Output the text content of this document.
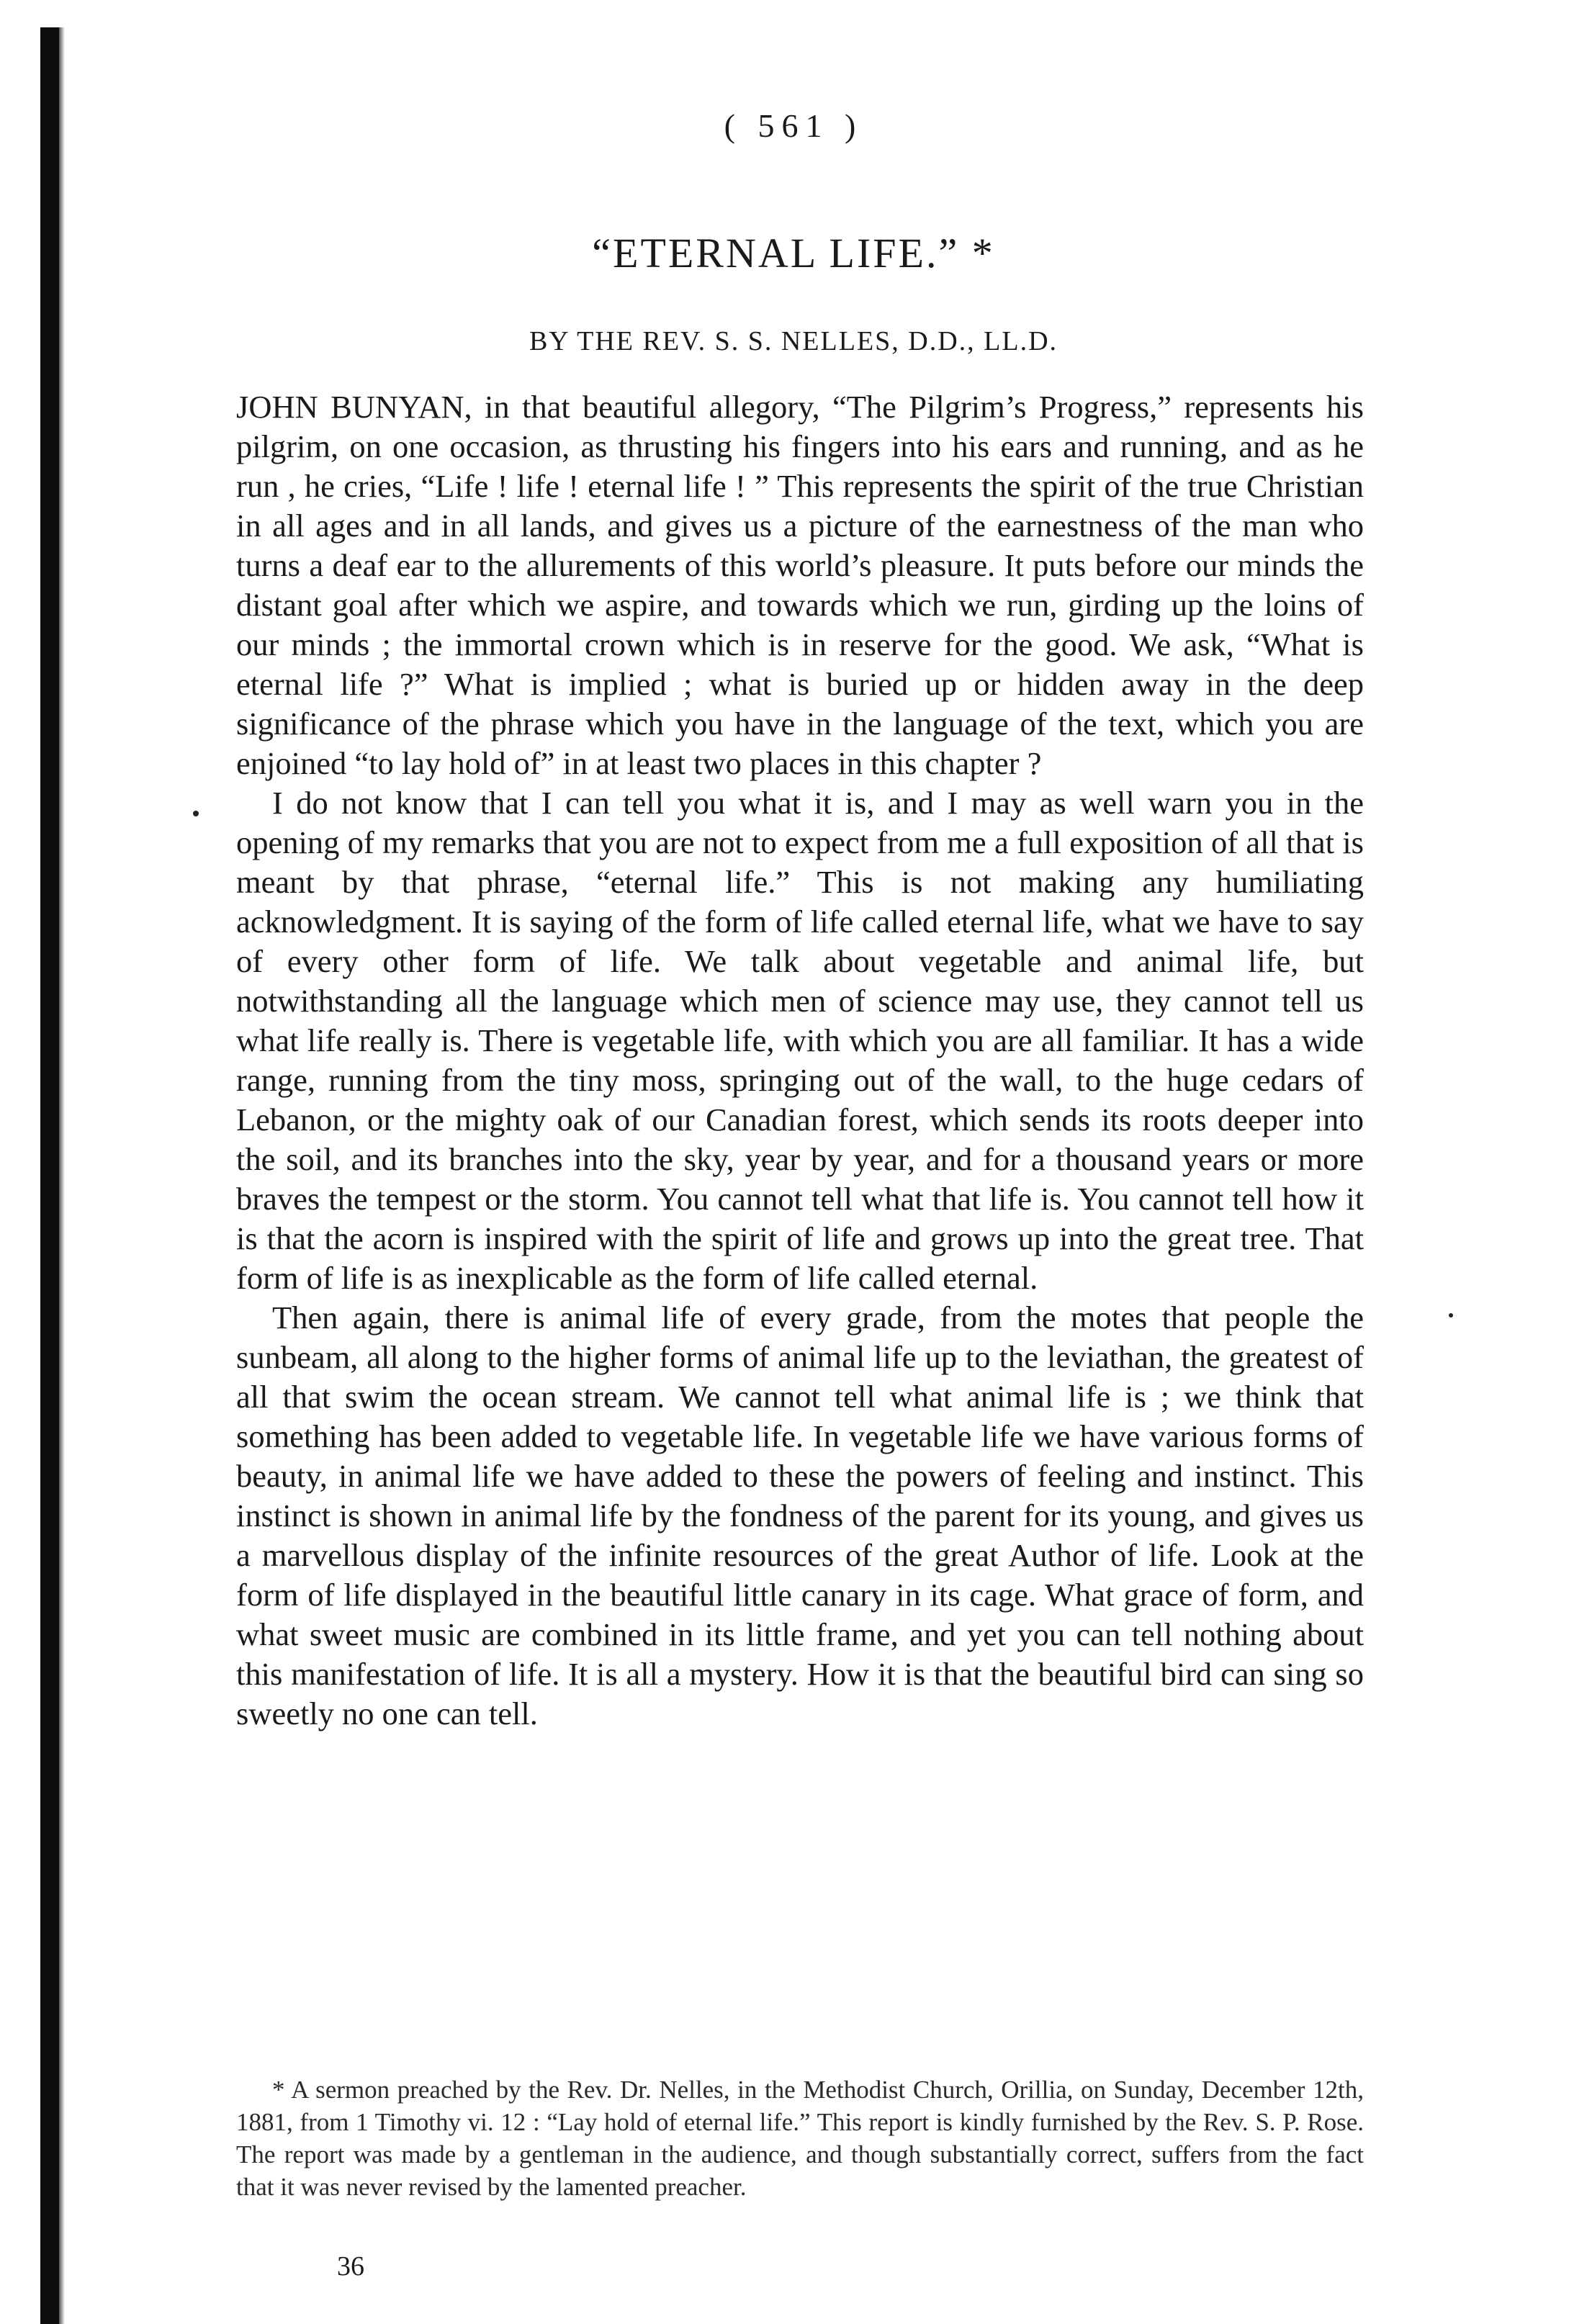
( 561 )
“ETERNAL LIFE.” *
BY THE REV. S. S. NELLES, D.D., LL.D.

JOHN BUNYAN, in that beautiful allegory, “The Pilgrim’s Progress,” represents his pilgrim, on one occasion, as thrusting his fingers into his ears and running, and as he run , he cries, “Life ! life ! eternal life ! ” This represents the spirit of the true Christian in all ages and in all lands, and gives us a picture of the earnestness of the man who turns a deaf ear to the allurements of this world’s pleasure. It puts before our minds the distant goal after which we aspire, and towards which we run, girding up the loins of our minds ; the immortal crown which is in reserve for the good. We ask, “What is eternal life ?” What is implied ; what is buried up or hidden away in the deep significance of the phrase which you have in the language of the text, which you are enjoined “to lay hold of” in at least two places in this chapter ?

I do not know that I can tell you what it is, and I may as well warn you in the opening of my remarks that you are not to expect from me a full exposition of all that is meant by that phrase, “eternal life.” This is not making any humiliating acknowledgment. It is saying of the form of life called eternal life, what we have to say of every other form of life. We talk about vegetable and animal life, but notwithstanding all the language which men of science may use, they cannot tell us what life really is. There is vegetable life, with which you are all familiar. It has a wide range, running from the tiny moss, springing out of the wall, to the huge cedars of Lebanon, or the mighty oak of our Canadian forest, which sends its roots deeper into the soil, and its branches into the sky, year by year, and for a thousand years or more braves the tempest or the storm. You cannot tell what that life is. You cannot tell how it is that the acorn is inspired with the spirit of life and grows up into the great tree. That form of life is as inexplicable as the form of life called eternal.

Then again, there is animal life of every grade, from the motes that people the sunbeam, all along to the higher forms of animal life up to the leviathan, the greatest of all that swim the ocean stream. We cannot tell what animal life is ; we think that something has been added to vegetable life. In vegetable life we have various forms of beauty, in animal life we have added to these the powers of feeling and instinct. This instinct is shown in animal life by the fondness of the parent for its young, and gives us a marvellous display of the infinite resources of the great Author of life. Look at the form of life displayed in the beautiful little canary in its cage. What grace of form, and what sweet music are combined in its little frame, and yet you can tell nothing about this manifestation of life. It is all a mystery. How it is that the beautiful bird can sing so sweetly no one can tell.

* A sermon preached by the Rev. Dr. Nelles, in the Methodist Church, Orillia, on Sunday, December 12th, 1881, from 1 Timothy vi. 12 : “Lay hold of eternal life.” This report is kindly furnished by the Rev. S. P. Rose. The report was made by a gentleman in the audience, and though substantially correct, suffers from the fact that it was never revised by the lamented preacher.
36
